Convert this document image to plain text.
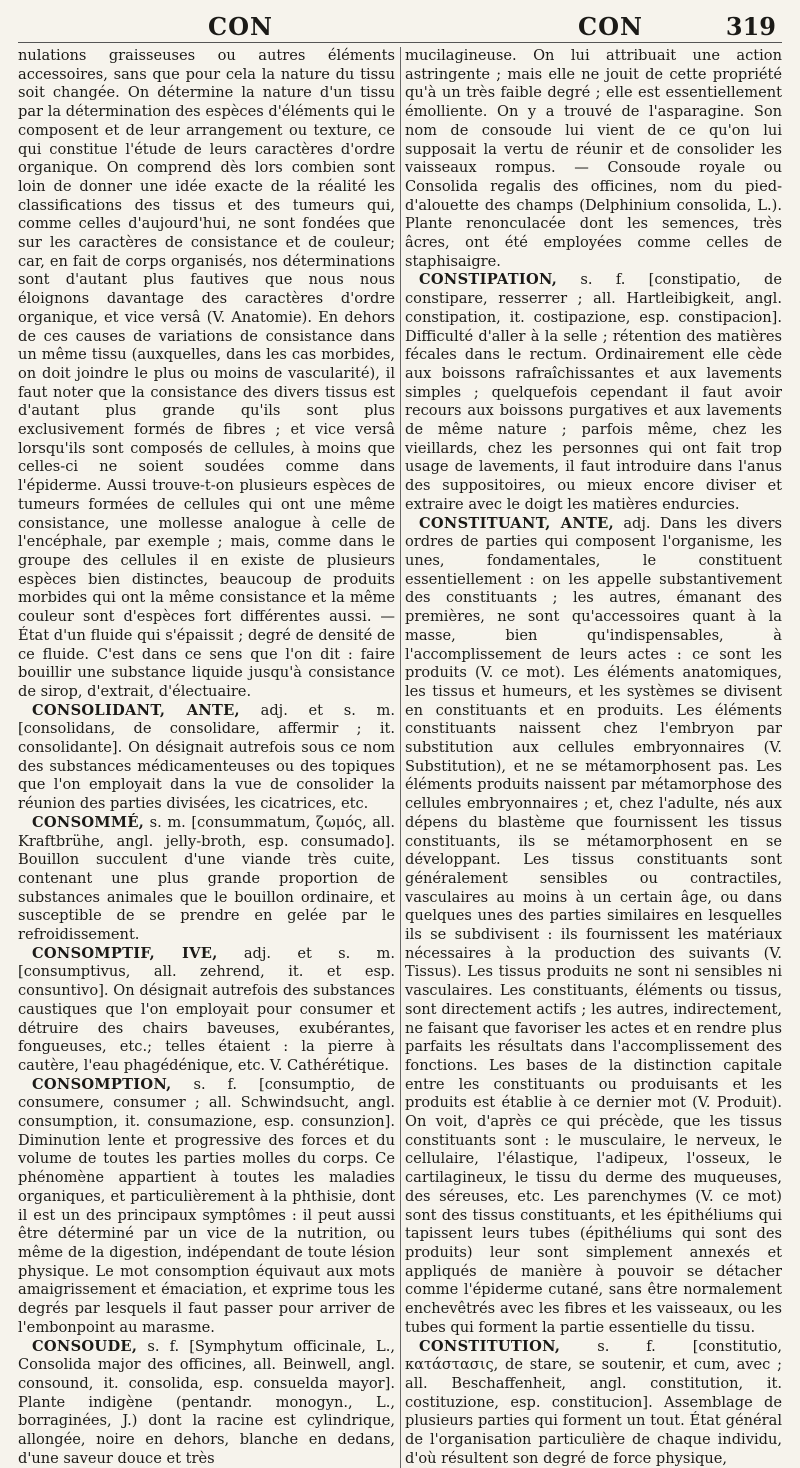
CON	CON	319

nulations graisseuses ou autres éléments accessoires, sans que pour cela la nature du tissu soit changée. On détermine la nature d'un tissu par la détermination des espèces d'éléments qui le composent et de leur arrangement ou texture, ce qui constitue l'étude de leurs caractères d'ordre organique. On comprend dès lors combien sont loin de donner une idée exacte de la réalité les classifications des tissus et des tumeurs qui, comme celles d'aujourd'hui, ne sont fondées que sur les caractères de consistance et de couleur; car, en fait de corps organisés, nos déterminations sont d'autant plus fautives que nous nous éloignons davantage des caractères d'ordre organique, et vice versâ (V. Anatomie). En dehors de ces causes de variations de consistance dans un même tissu (auxquelles, dans les cas morbides, on doit joindre le plus ou moins de vascularité), il faut noter que la consistance des divers tissus est d'autant plus grande qu'ils sont plus exclusivement formés de fibres ; et vice versâ lorsqu'ils sont composés de cellules, à moins que celles-ci ne soient soudées comme dans l'épiderme. Aussi trouve-t-on plusieurs espèces de tumeurs formées de cellules qui ont une même consistance, une mollesse analogue à celle de l'encéphale, par exemple ; mais, comme dans le groupe des cellules il en existe de plusieurs espèces bien distinctes, beaucoup de produits morbides qui ont la même consistance et la même couleur sont d'espèces fort différentes aussi. — État d'un fluide qui s'épaissit ; degré de densité de ce fluide. C'est dans ce sens que l'on dit : faire bouillir une substance liquide jusqu'à consistance de sirop, d'extrait, d'électuaire.

CONSOLIDANT, ANTE, adj. et s. m. [consolidans, de consolidare, affermir ; it. consolidante]. On désignait autrefois sous ce nom des substances médicamenteuses ou des topiques que l'on employait dans la vue de consolider la réunion des parties divisées, les cicatrices, etc.

CONSOMMÉ, s. m. [consummatum, ζωμός, all. Kraftbrühe, angl. jelly-broth, esp. consumado]. Bouillon succulent d'une viande très cuite, contenant une plus grande proportion de substances animales que le bouillon ordinaire, et susceptible de se prendre en gelée par le refroidissement.

CONSOMPTIF, IVE, adj. et s. m. [consumptivus, all. zehrend, it. et esp. consuntivo]. On désignait autrefois des substances caustiques que l'on employait pour consumer et détruire des chairs baveuses, exubérantes, fongueuses, etc.; telles étaient : la pierre à cautère, l'eau phagédénique, etc. V. Cathérétique.

CONSOMPTION, s. f. [consumptio, de consumere, consumer ; all. Schwindsucht, angl. consumption, it. consumazione, esp. consunzion]. Diminution lente et progressive des forces et du volume de toutes les parties molles du corps. Ce phénomène appartient à toutes les maladies organiques, et particulièrement à la phthisie, dont il est un des principaux symptômes : il peut aussi être déterminé par un vice de la nutrition, ou même de la digestion, indépendant de toute lésion physique. Le mot consomption équivaut aux mots amaigrissement et émaciation, et exprime tous les degrés par lesquels il faut passer pour arriver de l'embonpoint au marasme.

CONSOUDE, s. f. [Symphytum officinale, L., Consolida major des officines, all. Beinwell, angl. consound, it. consolida, esp. consuelda mayor]. Plante indigène (pentandr. monogyn., L., borraginées, J.) dont la racine est cylindrique, allongée, noire en dehors, blanche en dedans, d'une saveur douce et très

mucilagineuse. On lui attribuait une action astringente ; mais elle ne jouit de cette propriété qu'à un très faible degré ; elle est essentiellement émolliente. On y a trouvé de l'asparagine. Son nom de consoude lui vient de ce qu'on lui supposait la vertu de réunir et de consolider les vaisseaux rompus. — Consoude royale ou Consolida regalis des officines, nom du pied-d'alouette des champs (Delphinium consolida, L.). Plante renonculacée dont les semences, très âcres, ont été employées comme celles de staphisaigre.

CONSTIPATION, s. f. [constipatio, de constipare, resserrer ; all. Hartleibigkeit, angl. constipation, it. costipazione, esp. constipacion]. Difficulté d'aller à la selle ; rétention des matières fécales dans le rectum. Ordinairement elle cède aux boissons rafraîchissantes et aux lavements simples ; quelquefois cependant il faut avoir recours aux boissons purgatives et aux lavements de même nature ; parfois même, chez les vieillards, chez les personnes qui ont fait trop usage de lavements, il faut introduire dans l'anus des suppositoires, ou mieux encore diviser et extraire avec le doigt les matières endurcies.

CONSTITUANT, ANTE, adj. Dans les divers ordres de parties qui composent l'organisme, les unes, fondamentales, le constituent essentiellement : on les appelle substantivement des constituants ; les autres, émanant des premières, ne sont qu'accessoires quant à la masse, bien qu'indispensables, à l'accomplissement de leurs actes : ce sont les produits (V. ce mot). Les éléments anatomiques, les tissus et humeurs, et les systèmes se divisent en constituants et en produits. Les éléments constituants naissent chez l'embryon par substitution aux cellules embryonnaires (V. Substitution), et ne se métamorphosent pas. Les éléments produits naissent par métamorphose des cellules embryonnaires ; et, chez l'adulte, nés aux dépens du blastème que fournissent les tissus constituants, ils se métamorphosent en se développant. Les tissus constituants sont généralement sensibles ou contractiles, vasculaires au moins à un certain âge, ou dans quelques unes des parties similaires en lesquelles ils se subdivisent : ils fournissent les matériaux nécessaires à la production des suivants (V. Tissus). Les tissus produits ne sont ni sensibles ni vasculaires. Les constituants, éléments ou tissus, sont directement actifs ; les autres, indirectement, ne faisant que favoriser les actes et en rendre plus parfaits les résultats dans l'accomplissement des fonctions. Les bases de la distinction capitale entre les constituants ou produisants et les produits est établie à ce dernier mot (V. Produit). On voit, d'après ce qui précède, que les tissus constituants sont : le musculaire, le nerveux, le cellulaire, l'élastique, l'adipeux, l'osseux, le cartilagineux, le tissu du derme des muqueuses, des séreuses, etc. Les parenchymes (V. ce mot) sont des tissus constituants, et les épithéliums qui tapissent leurs tubes (épithéliums qui sont des produits) leur sont simplement annexés et appliqués de manière à pouvoir se détacher comme l'épiderme cutané, sans être normalement enchevêtrés avec les fibres et les vaisseaux, ou les tubes qui forment la partie essentielle du tissu.

CONSTITUTION,	s. f. [constitutio, κατάστασις, de stare, se soutenir, et cum, avec ; all. Beschaffenheit, angl. constitution, it. costituzione, esp. constitucion]. Assemblage de plusieurs parties qui forment un tout. État général de l'organisation particulière de chaque individu, d'où résultent son degré de force physique,
